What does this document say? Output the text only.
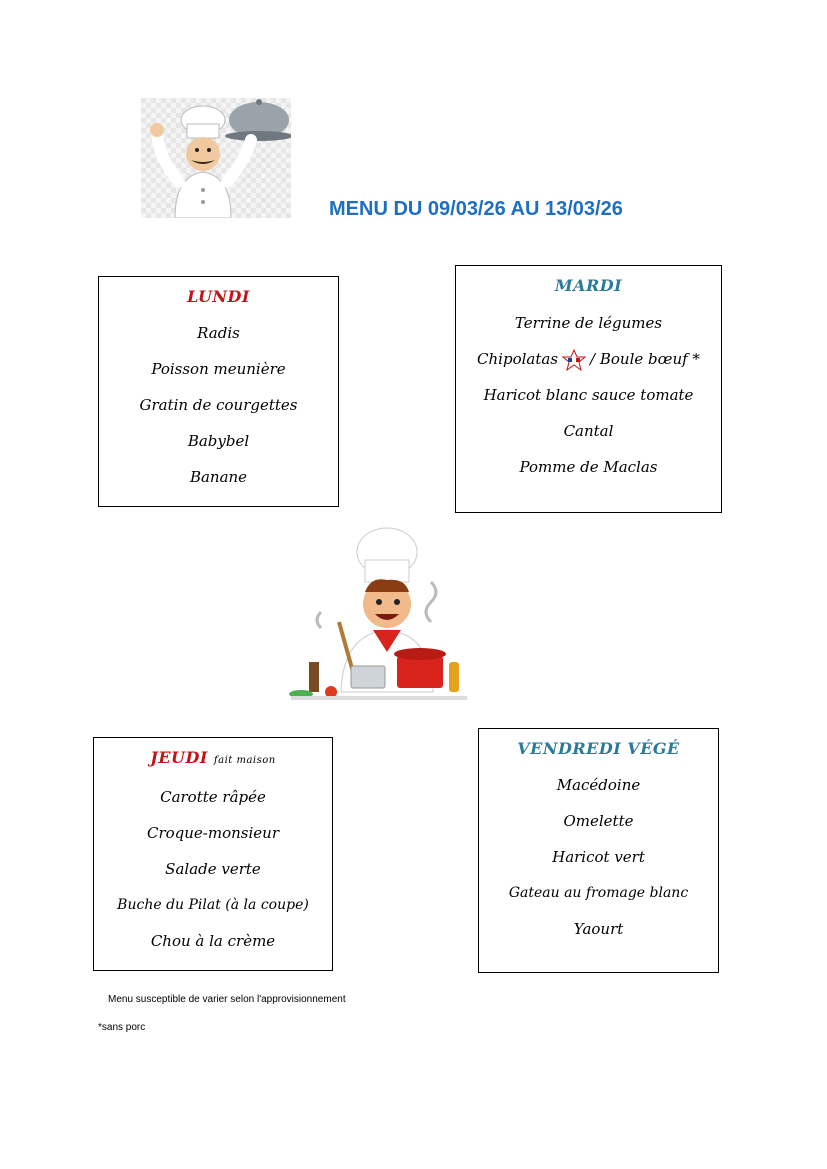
MENU DU 09/03/26 AU 13/03/26

LUNDI

Radis

Poisson meunière

Gratin de courgettes

Babybel

Banane

MARDI

Terrine de légumes

Chipolatas / Boule bœuf *

Haricot blanc sauce tomate

Cantal

Pomme de Maclas

JEUDI fait maison

Carotte râpée

Croque-monsieur

Salade verte

Buche du Pilat (à la coupe)

Chou à la crème

VENDREDI VÉGÉ

Macédoine

Omelette

Haricot vert

Gateau au fromage blanc

Yaourt

Menu susceptible de varier selon l'approvisionnement
*sans porc
